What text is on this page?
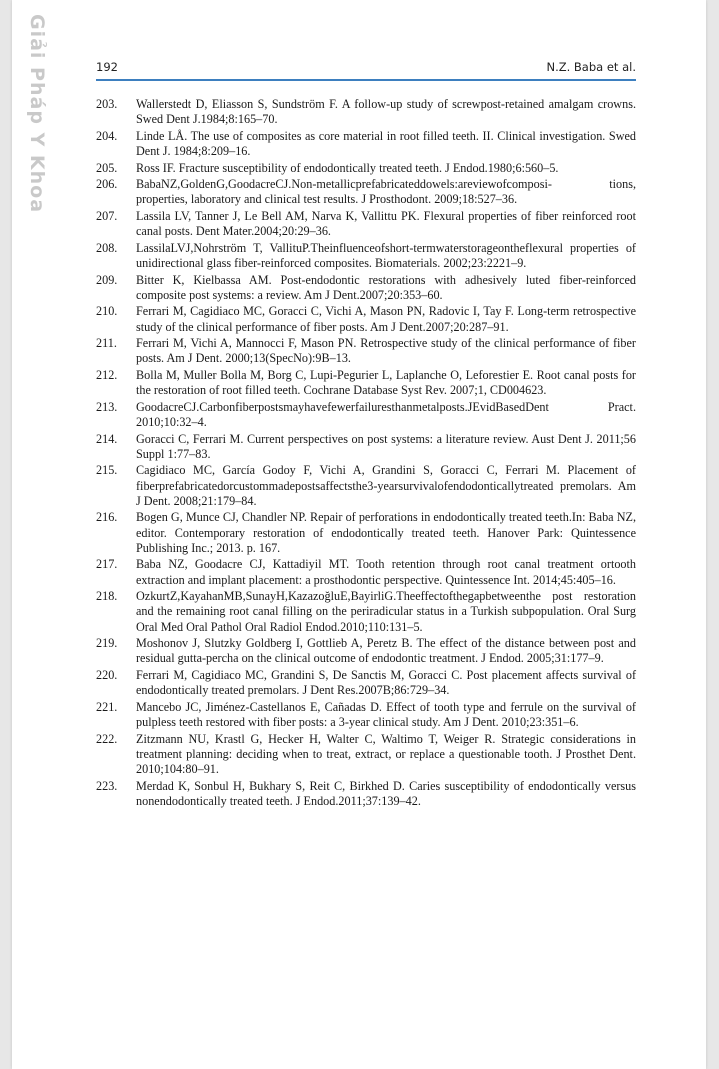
Giải Pháp Y Khoa	192	N.Z. Baba et al.
203.	Wallerstedt D, Eliasson S, Sundström F. A follow-up study of screwpost-retained amalgam crowns. Swed Dent J.1984;8:165–70.
204.	Linde LÅ. The use of composites as core material in root filled teeth. II. Clinical investigation. Swed Dent J. 1984;8:209–16.
205.	Ross IF. Fracture susceptibility of endodontically treated teeth. J Endod.1980;6:560–5.
206.	BabaNZ,GoldenG,GoodacreCJ.Non-metallicprefabricateddowels:areviewofcomposi- tions, properties, laboratory and clinical test results. J Prosthodont. 2009;18:527–36.
207.	Lassila LV, Tanner J, Le Bell AM, Narva K, Vallittu PK. Flexural properties of fiber reinforced root canal posts. Dent Mater.2004;20:29–36.
208.	LassilaLVJ,Nohrström T, VallituP.Theinfluenceofshort-termwaterstorageontheflexural properties of unidirectional glass fiber-reinforced composites. Biomaterials. 2002;23:2221–9.
209.	Bitter K, Kielbassa AM. Post-endodontic restorations with adhesively luted fiber-reinforced composite post systems: a review. Am J Dent.2007;20:353–60.
210.	Ferrari M, Cagidiaco MC, Goracci C, Vichi A, Mason PN, Radovic I, Tay F. Long-term retrospective study of the clinical performance of fiber posts. Am J Dent.2007;20:287–91.
211.	Ferrari M, Vichi A, Mannocci F, Mason PN. Retrospective study of the clinical performance of fiber posts. Am J Dent. 2000;13(SpecNo):9B–13.
212.	Bolla M, Muller Bolla M, Borg C, Lupi-Pegurier L, Laplanche O, Leforestier E. Root canal posts for the restoration of root filled teeth. Cochrane Database Syst Rev. 2007;1, CD004623.
213.	GoodacreCJ.Carbonfiberpostsmayhavefewerfailuresthanmetalposts.JEvidBasedDent Pract. 2010;10:32–4.
214.	Goracci C, Ferrari M. Current perspectives on post systems: a literature review. Aust Dent J. 2011;56 Suppl 1:77–83.
215.	Cagidiaco MC, García Godoy F, Vichi A, Grandini S, Goracci C, Ferrari M. Placement of fiberprefabricatedorcustommadepostsaffectsthe3-yearsurvivalofendodonticallytreated premolars. Am J Dent. 2008;21:179–84.
216.	Bogen G, Munce CJ, Chandler NP. Repair of perforations in endodontically treated teeth.In: Baba NZ, editor. Contemporary restoration of endodontically treated teeth. Hanover Park: Quintessence Publishing Inc.; 2013. p. 167.
217.	Baba NZ, Goodacre CJ, Kattadiyil MT. Tooth retention through root canal treatment ortooth extraction and implant placement: a prosthodontic perspective. Quintessence Int. 2014;45:405–16.
218.	OzkurtZ,KayahanMB,SunayH,KazazoğluE,BayirliG.Theeffectofthegapbetweenthe post restoration and the remaining root canal filling on the periradicular status in a Turkish subpopulation. Oral Surg Oral Med Oral Pathol Oral Radiol Endod.2010;110:131–5.
219.	Moshonov J, Slutzky Goldberg I, Gottlieb A, Peretz B. The effect of the distance between post and residual gutta-percha on the clinical outcome of endodontic treatment. J Endod. 2005;31:177–9.
220.	Ferrari M, Cagidiaco MC, Grandini S, De Sanctis M, Goracci C. Post placement affects survival of endodontically treated premolars. J Dent Res.2007B;86:729–34.
221.	Mancebo JC, Jiménez-Castellanos E, Cañadas D. Effect of tooth type and ferrule on the survival of pulpless teeth restored with fiber posts: a 3-year clinical study. Am J Dent. 2010;23:351–6.
222.	Zitzmann NU, Krastl G, Hecker H, Walter C, Waltimo T, Weiger R. Strategic considerations in treatment planning: deciding when to treat, extract, or replace a questionable tooth. J Prosthet Dent. 2010;104:80–91.
223.	Merdad K, Sonbul H, Bukhary S, Reit C, Birkhed D. Caries susceptibility of endodontically versus nonendodontically treated teeth. J Endod.2011;37:139–42.
